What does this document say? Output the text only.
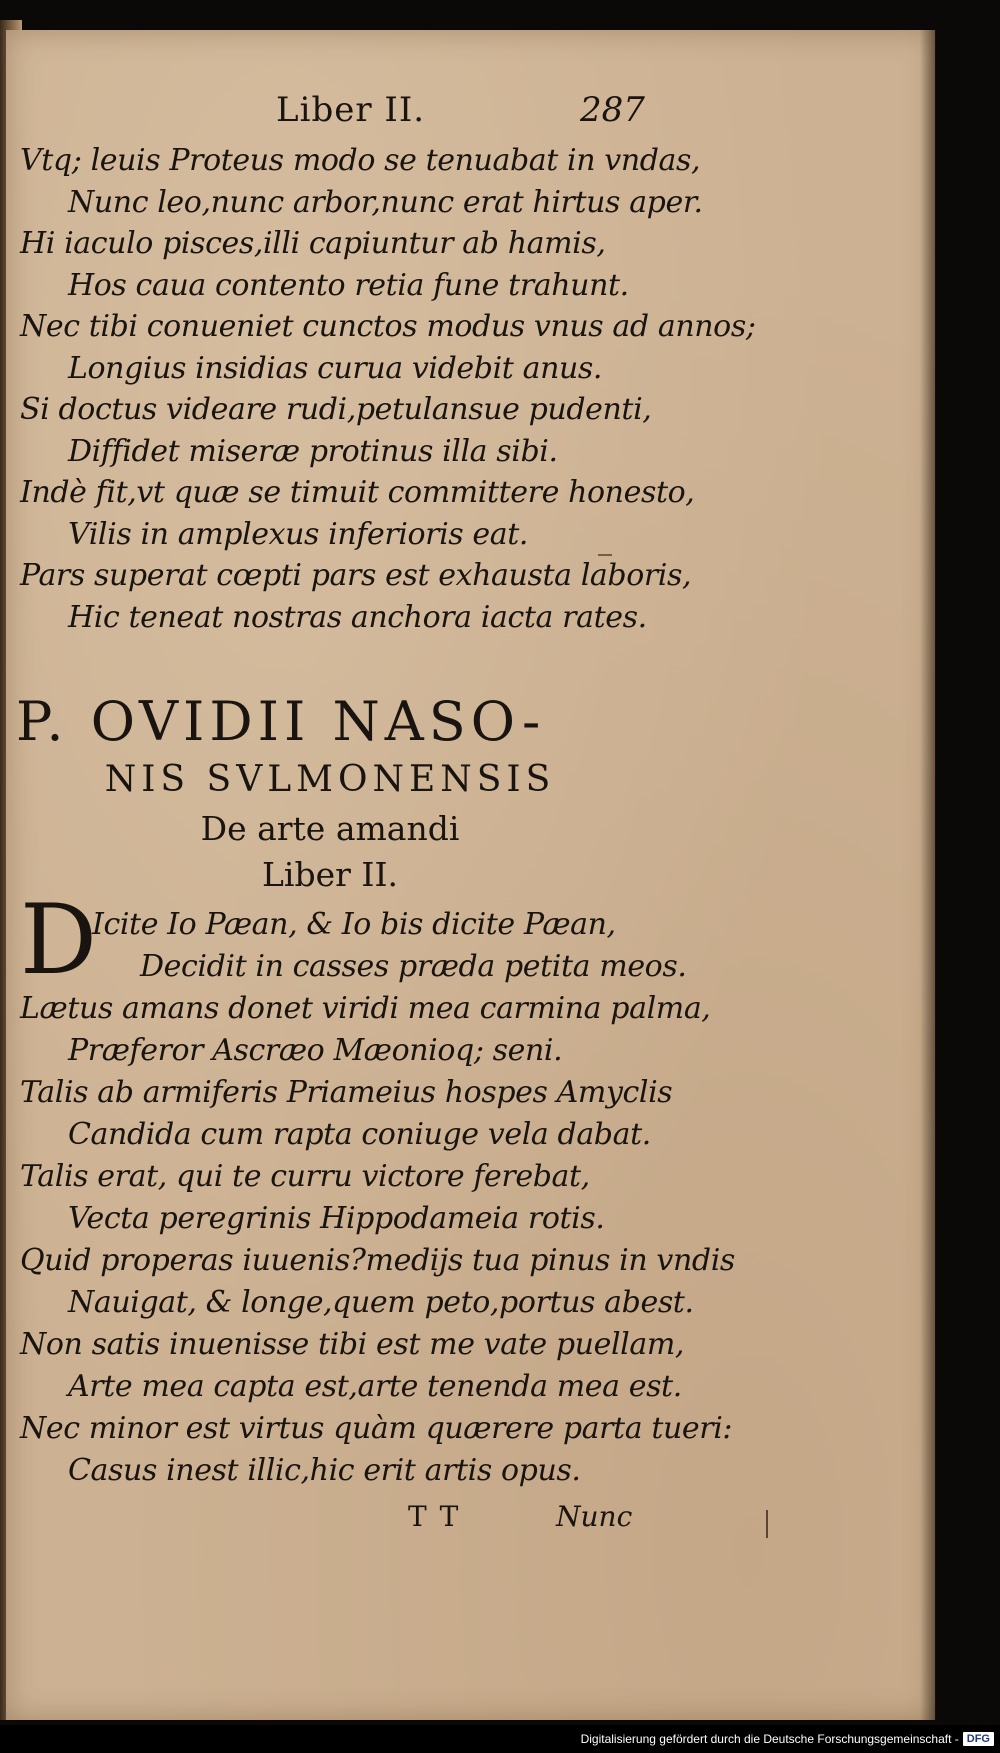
Liber II.	287
Vtq; leuis Proteus modo se tenuabat in vndas,
Nunc leo,nunc arbor,nunc erat hirtus aper.
Hi iaculo pisces,illi capiuntur ab hamis,
Hos caua contento retia fune trahunt.
Nec tibi conueniet cunctos modus vnus ad annos;
Longius insidias curua videbit anus.
Si doctus videare rudi,petulansue pudenti,
Diffidet miseræ protinus illa sibi.
Indè fit,vt quæ se timuit committere honesto,
Vilis in amplexus inferioris eat.
Pars superat cœpti pars est exhausta laboris,
Hic teneat nostras anchora iacta rates.
P. OVIDII NASO-
NIS SVLMONENSIS
De arte amandi
Liber II.
D
Icite Io Pæan, & Io bis dicite Pæan,
Decidit in casses præda petita meos.
Lætus amans donet viridi mea carmina palma,
Præferor Ascræo Mæonioq; seni.
Talis ab armiferis Priameius hospes Amyclis
Candida cum rapta coniuge vela dabat.
Talis erat, qui te curru victore ferebat,
Vecta peregrinis Hippodameia rotis.
Quid properas iuuenis?medijs tua pinus in vndis
Nauigat, & longe,quem peto,portus abest.
Non satis inuenisse tibi est me vate puellam,
Arte mea capta est,arte tenenda mea est.
Nec minor est virtus quàm quærere parta tueri:
Casus inest illic,hic erit artis opus.
T T	Nunc
Digitalisierung gefördert durch die Deutsche Forschungsgemeinschaft - DFG
